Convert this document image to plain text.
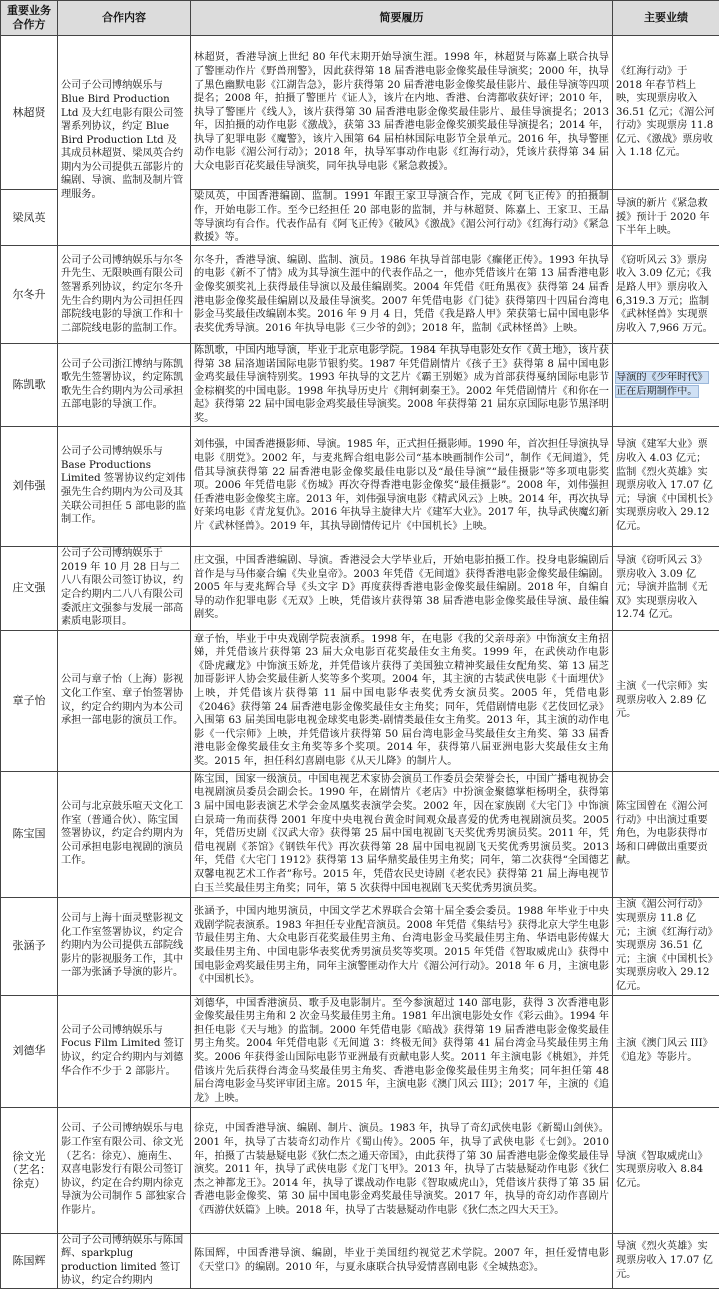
重要业务合作方	合作内容	简要履历	主要业绩
林超贤	公司子公司博纳娱乐与 Blue Bird Production Ltd 及大红电影有限公司签署系列协议，约定 Blue Bird Production Ltd 及其成员林超贤、梁凤英合约期内为公司提供五部影片的编剧、导演、监制及制片管理服务。	林超贤，香港导演上世纪 80 年代末期开始导演生涯。1998 年，林超贤与陈嘉上联合执导了警匪动作片《野兽刑警》，因此获得第 18 届香港电影金像奖最佳导演奖；2000 年，执导了黑色幽默电影《江湖告急》，影片获得第 20 届香港电影金像奖最佳影片、最佳导演等四项提名；2008 年，拍摄了警匪片《证人》，该片在内地、香港、台湾都收获好评；2010 年，执导了警匪片《线人》，该片获得第 30 届香港电影金像奖最佳影片、最佳导演提名；2013 年，因拍摄的动作电影《激战》，获第 33 届香港电影金像奖颁奖最佳导演提名；2014 年，执导了犯罪电影《魔警》，该片入围第 64 届柏林国际电影节全景单元。2016 年，执导警匪动作电影《湄公河行动》；2018 年，执导军事动作电影《红海行动》，凭该片获得第 34 届大众电影百花奖最佳导演奖，同年执导电影《紧急救援》。	《红海行动》于 2018 年春节档上映，实现票房收入 36.51 亿元；《湄公河行动》实现票房 11.8 亿元、《激战》票房收入 1.18 亿元。
梁凤英		梁凤英，中国香港编剧、监制。1991 年跟王家卫导演合作，完成《阿飞正传》的拍摄制作，开始电影工作。至今已经担任 20 部电影的监制，并与林超贤、陈嘉上、王家卫、王晶等导演均有合作。代表作品有《阿飞正传》《破风》《激战》《湄公河行动》《红海行动》《紧急救援》等。	导演的新片《紧急救援》预计于 2020 年下半年上映。
尔冬升	公司子公司博纳娱乐与尔冬升先生、无限映画有限公司签署系列协议，约定尔冬升先生合约期内为公司担任四部院线电影的导演工作和十二部院线电影的监制工作。	尔冬升，香港导演、编剧、监制、演员。1986 年执导首部电影《癫佬正传》。1993 年执导的电影《新不了情》成为其导演生涯中的代表作品之一，他亦凭借该片在第 13 届香港电影金像奖颁奖礼上获得最佳导演以及最佳编剧奖。2004 年凭借《旺角黑夜》获得第 24 届香港电影金像奖最佳编剧以及最佳导演奖。2007 年凭借电影《门徒》获得第四十四届台湾电影金马奖最佳改编剧本奖。2016 年 9 月 4 日，凭借《我是路人甲》荣获第七届中国电影华表奖优秀导演。2016 年执导电影《三少爷的剑》；2018 年，监制《武林怪兽》上映。	《窃听风云 3》票房收入 3.09 亿元；《我是路人甲》票房收入 6,319.3 万元；监制《武林怪兽》实现票房收入 7,966 万元。
陈凯歌	公司子公司浙江博纳与陈凯歌先生签署协议，约定陈凯歌先生合约期内为公司承担五部电影的导演工作。	陈凯歌，中国内地导演，毕业于北京电影学院。1984 年执导电影处女作《黄土地》，该片获得第 38 届洛迦诺国际电影节银豹奖。1987 年凭借剧情片《孩子王》获得第 8 届中国电影金鸡奖最佳导演特别奖。1993 年执导的文艺片《霸王别姬》成为首部获得戛纳国际电影节金棕榈奖的中国电影。1998 年执导历史片《荆轲刺秦王》。2002 年凭借剧情片《和你在一起》获得第 22 届中国电影金鸡奖最佳导演奖。2008 年获得第 21 届东京国际电影节黑泽明奖。	导演的《少年时代》正在后期制作中。
刘伟强	公司子公司博纳娱乐与 Base Productions Limited 签署协议约定刘伟强先生合约期内为公司及其关联公司担任 5 部电影的监制工作。	刘伟强，中国香港摄影师、导演。1985 年，正式担任摄影师。1990 年，首次担任导演执导电影《朋党》。2002 年，与麦兆辉合组电影公司“基本映画制作公司”，制作《无间道》，凭借其导演获得第 22 届香港电影金像奖最佳电影以及“最佳导演”“最佳摄影”等多项电影奖项。2006 年凭借电影《伤城》再次夺得香港电影金像奖“最佳摄影”。2008 年，刘伟强担任香港电影金像奖主席。2013 年，刘伟强导演电影《精武风云》上映。2014 年，再次执导好莱坞电影《青龙复仇》。2016 年执导主旋律大片《建军大业》。2017 年，执导武侠魔幻新片《武林怪兽》。2019 年，其执导剧情传记片《中国机长》上映。	导演《建军大业》票房收入 4.03 亿元；监制《烈火英雄》实现票房收入 17.07 亿元；导演《中国机长》实现票房收入 29.12 亿元。
庄文强	公司子公司博纳娱乐于 2019 年 10 月 28 日与二八八有限公司签订协议，约定合约期内二八八有限公司委派庄文强参与发展一部高素质电影项目。	庄文强，中国香港编剧、导演。香港浸会大学毕业后，开始电影拍摄工作。投身电影编剧后首作是与马伟豪合编《失业皇帝》。2003 年凭借《无间道》获得香港电影金像奖最佳编剧。2005 年与麦兆辉合导《头文字 D》再度获得香港电影金像奖最佳编剧。2018 年，自编自导的动作犯罪电影《无双》上映，凭借该片获得第 38 届香港电影金像奖最佳导演、最佳编剧奖。	导演《窃听风云 3》票房收入 3.09 亿元；导演并监制《无双》实现票房收入 12.74 亿元。
章子怡	公司与章子怡（上海）影视文化工作室、章子怡签署协议，约定合约期内为本公司承担一部电影的演员工作。	章子怡，毕业于中央戏剧学院表演系。1998 年，在电影《我的父亲母亲》中饰演女主角招娣，并凭借该片获得第 23 届大众电影百花奖最佳女主角奖。1999 年，在武侠动作电影《卧虎藏龙》中饰演玉娇龙，并凭借该片获得了美国独立精神奖最佳女配角奖、第 13 届芝加哥影评人协会奖最佳新人奖等多个奖项。2004 年，其主演的古装武侠电影《十面埋伏》上映，并凭借该片获得第 11 届中国电影华表奖优秀女演员奖。2005 年，凭借电影《2046》获得第 24 届香港电影金像奖最佳女主角奖；同年，凭借剧情电影《艺伎回忆录》入围第 63 届美国电影电视金球奖电影类-剧情类最佳女主角奖。2013 年，其主演的动作电影《一代宗师》上映，并凭借该片获得第 50 届台湾电影金马奖最佳女主角奖、第 33 届香港电影金像奖最佳女主角奖等多个奖项。2014 年，获得第八届亚洲电影大奖最佳女主角奖。2015 年，担任科幻喜剧电影《从天儿降》的制片人。	主演《一代宗师》实现票房收入 2.89 亿元。
陈宝国	公司与北京鼓乐喧天文化工作室（普通合伙）、陈宝国签署协议，约定合约期内为公司承担电影电视剧的演员工作。	陈宝国，国家一级演员。中国电视艺术家协会演员工作委员会荣誉会长，中国广播电视协会电视剧演员委员会副会长。1990 年，在剧情片《老店》中扮演金聚德掌柜杨明全，获得第 3 届中国电影表演艺术学会金凤凰奖表演学会奖。2002 年，因在家族剧《大宅门》中饰演白景琦一角而获得 2001 年度中央电视台黄金时间观众最喜爱的优秀电视剧演员奖。2005 年，凭借历史剧《汉武大帝》获得第 25 届中国电视剧飞天奖优秀男演员奖。2011 年，凭借电视剧《茶馆》《钢铁年代》再次获得第 28 届中国电视剧飞天奖优秀男演员奖。2013 年，凭借《大宅门 1912》获得第 13 届华鼎奖最佳男主角奖；同年，第二次获得“全国德艺双馨电视艺术工作者”称号。2015 年，凭借农民史诗剧《老农民》获得第 21 届上海电视节白玉兰奖最佳男主角奖；同年，第 5 次获得中国电视剧飞天奖优秀男演员奖。	陈宝国曾在《湄公河行动》中出演过重要角色，为电影获得市场和口碑做出重要贡献。
张涵予	公司与上海十面灵壁影视文化工作室签署协议，约定合约期内为公司提供五部院线影片的影视服务工作，其中一部为张涵予导演的影片。	张涵予，中国内地男演员，中国文学艺术界联合会第十届全委会委员。1988 年毕业于中央戏剧学院表演系。1983 年担任专业配音演员。2008 年凭借《集结号》获得北京大学生电影节最佳男主角、大众电影百花奖最佳男主角、台湾电影金马奖最佳男主角、华语电影传媒大奖最佳男主角、中国电影华表奖优秀男演员奖等奖项。2015 年凭借《智取威虎山》获得中国电影金鸡奖最佳男主角，同年主演警匪动作大片《湄公河行动》。2018 年 6 月，主演电影《中国机长》。	主演《湄公河行动》实现票房 11.8 亿元；主演《红海行动》实现票房 36.51 亿元；主演《中国机长》实现票房收入 29.12 亿元。
刘德华	公司子公司博纳娱乐与 Focus Film Limited 签订协议，约定合约期内与刘德华合作不少于 2 部影片。	刘德华，中国香港演员、歌手及电影制片。至今参演超过 140 部电影，获得 3 次香港电影金像奖最佳男主角和 2 次金马奖最佳男主角。1981 年出演电影处女作《彩云曲》。1994 年担任电影《天与地》的监制。2000 年凭借电影《暗战》获得第 19 届香港电影金像奖最佳男主角奖。2004 年凭借电影《无间道 3：终极无间》获得第 41 届台湾金马奖最佳男主角奖。2006 年获得釜山国际电影节亚洲最有贡献电影人奖。2011 年主演电影《桃姐》，并凭借该片先后获得台湾金马奖最佳男主角奖、香港电影金像奖最佳男主角奖；同年担任第 48 届台湾电影金马奖评审团主席。2015 年，主演电影《澳门风云 III》；2017 年，主演的《追龙》上映。	主演《澳门风云 III》《追龙》等影片。
徐文光（艺名：徐克）	公司、子公司博纳娱乐与电影工作室有限公司、徐文光（艺名：徐克）、施南生、双喜电影发行有限公司签订协议，约定在合约期内徐克导演为公司制作 5 部独家合作影片。	徐克，中国香港导演、编剧、制片、演员。1983 年，执导了奇幻武侠电影《新蜀山剑侠》。2001 年，执导了古装奇幻动作片《蜀山传》。2005 年，执导了武侠电影《七剑》。2010 年，拍摄了古装悬疑电影《狄仁杰之通天帝国》，由此获得了第 30 届香港电影金像奖最佳导演奖。2011 年，执导了武侠电影《龙门飞甲》。2013 年，执导了古装悬疑动作电影《狄仁杰之神都龙王》。2014 年，执导了谍战动作电影《智取威虎山》，凭借该片获得了第 35 届香港电影金像奖、第 30 届中国电影金鸡奖最佳导演奖。2017 年，执导的奇幻动作喜剧片《西游伏妖篇》上映。2018 年，执导了古装悬疑动作电影《狄仁杰之四大天王》。	导演《智取威虎山》实现票房收入 8.84 亿元。
陈国辉	公司子公司博纳娱乐与陈国辉、sparkplug production limited 签订协议，约定合约期内	陈国辉，中国香港导演、编剧，毕业于美国纽约视觉艺术学院。2007 年，担任爱情电影《天堂口》的编剧。2010 年，与夏永康联合执导爱情喜剧电影《全城热恋》。	导演《烈火英雄》实现票房收入 17.07 亿元。
